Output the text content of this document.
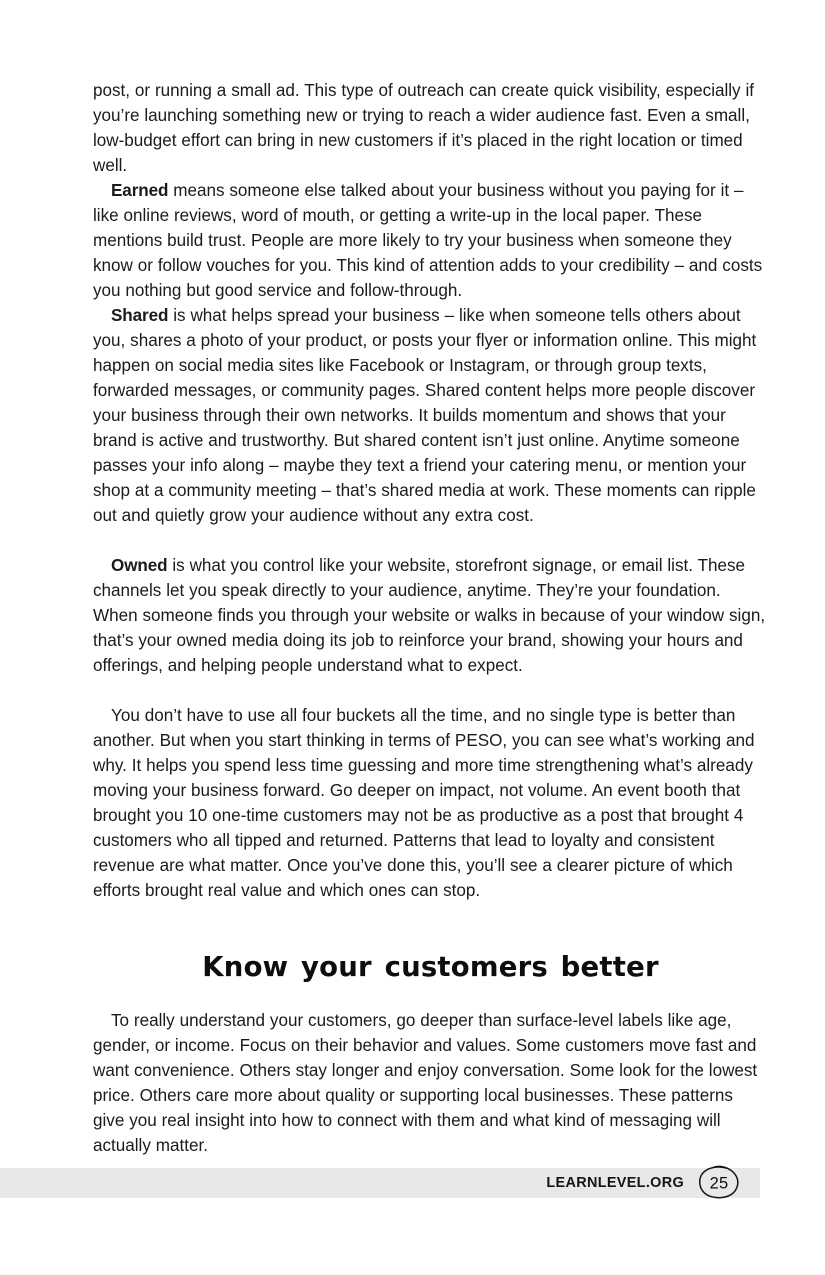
post, or running a small ad. This type of outreach can create quick visibility, especially if you’re launching something new or trying to reach a wider audience fast. Even a small, low-budget effort can bring in new customers if it’s placed in the right location or timed well.

Earned means someone else talked about your business without you paying for it – like online reviews, word of mouth, or getting a write-up in the local paper. These mentions build trust. People are more likely to try your business when someone they know or follow vouches for you. This kind of attention adds to your credibility – and costs you nothing but good service and follow-through.

Shared is what helps spread your business – like when someone tells others about you, shares a photo of your product, or posts your flyer or information online. This might happen on social media sites like Facebook or Instagram, or through group texts, forwarded messages, or community pages. Shared content helps more people discover your business through their own networks. It builds momentum and shows that your brand is active and trustworthy. But shared content isn’t just online. Anytime someone passes your info along – maybe they text a friend your catering menu, or mention your shop at a community meeting – that’s shared media at work. These moments can ripple out and quietly grow your audience without any extra cost.

Owned is what you control like your website, storefront signage, or email list. These channels let you speak directly to your audience, anytime. They’re your foundation. When someone finds you through your website or walks in because of your window sign, that’s your owned media doing its job to reinforce your brand, showing your hours and offerings, and helping people understand what to expect.

You don’t have to use all four buckets all the time, and no single type is better than another. But when you start thinking in terms of PESO, you can see what’s working and why. It helps you spend less time guessing and more time strengthening what’s already moving your business forward. Go deeper on impact, not volume. An event booth that brought you 10 one-time customers may not be as productive as a post that brought 4 customers who all tipped and returned. Patterns that lead to loyalty and consistent revenue are what matter. Once you’ve done this, you’ll see a clearer picture of which efforts brought real value and which ones can stop.

Know your customers better

To really understand your customers, go deeper than surface-level labels like age, gender, or income. Focus on their behavior and values. Some customers move fast and want convenience. Others stay longer and enjoy conversation. Some look for the lowest price. Others care more about quality or supporting local businesses. These patterns give you real insight into how to connect with them and what kind of messaging will actually matter.

LEARNLEVEL.ORG 25
